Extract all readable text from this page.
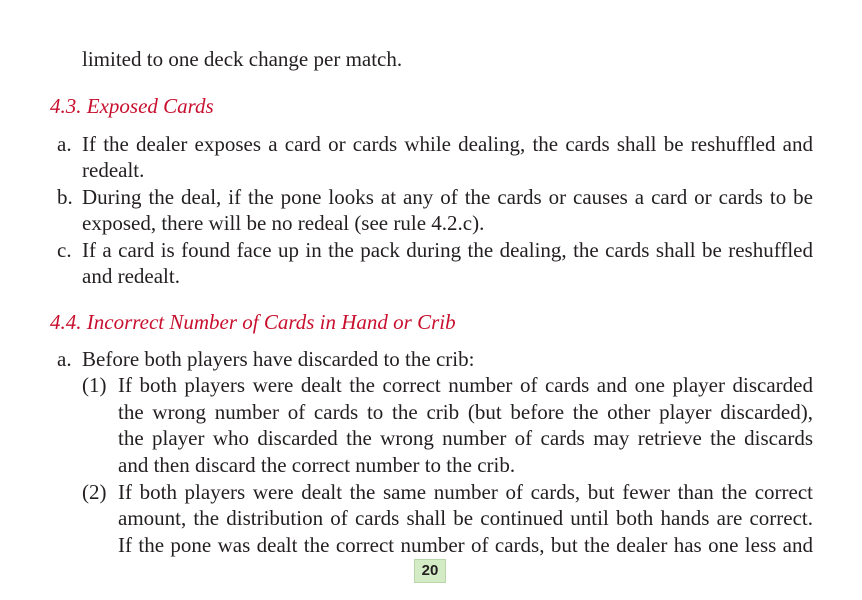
limited to one deck change per match.
4.3. Exposed Cards
a. If the dealer exposes a card or cards while dealing, the cards shall be reshuffled and
redealt.
b. During the deal, if the pone looks at any of the cards or causes a card or cards to be
exposed, there will be no redeal (see rule 4.2.c).
c. If a card is found face up in the pack during the dealing, the cards shall be reshuffled
and redealt.
4.4. Incorrect Number of Cards in Hand or Crib
a. Before both players have discarded to the crib:
(1) If both players were dealt the correct number of cards and one player discarded
the wrong number of cards to the crib (but before the other player discarded),
the player who discarded the wrong number of cards may retrieve the discards
and then discard the correct number to the crib.
(2) If both players were dealt the same number of cards, but fewer than the correct
amount, the distribution of cards shall be continued until both hands are correct.
If the pone was dealt the correct number of cards, but the dealer has one less and
20
